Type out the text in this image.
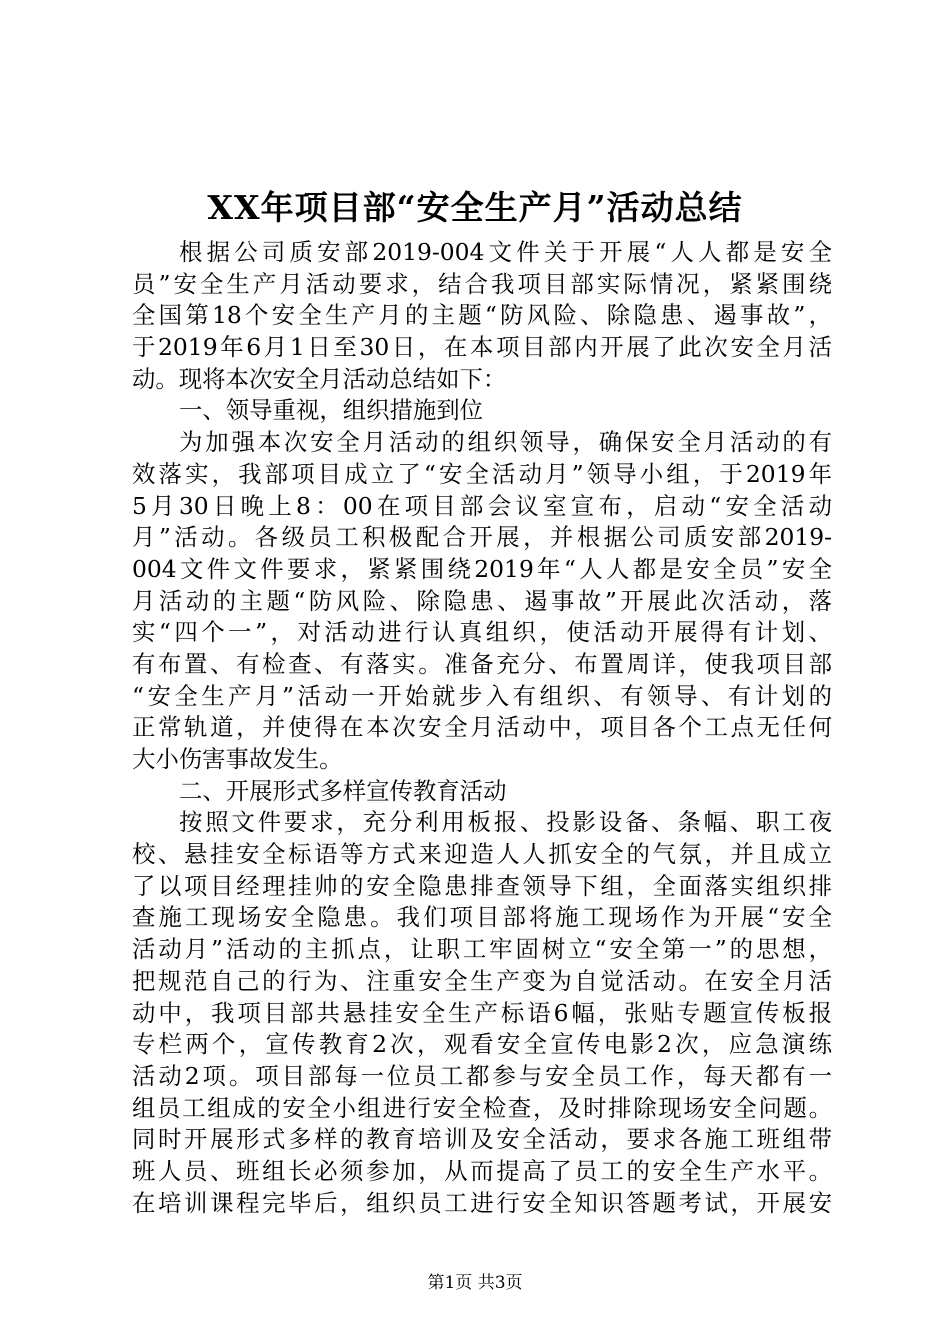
XX年项目部“安全生产月”活动总结
根据公司质安部2019-004文件关于开展“人人都是安全
员”安全生产月活动要求，结合我项目部实际情况，紧紧围绕
全国第18个安全生产月的主题“防风险、除隐患、遏事故”，
于2019年6月1日至30日，在本项目部内开展了此次安全月活
动。现将本次安全月活动总结如下：
一、领导重视，组织措施到位
为加强本次安全月活动的组织领导，确保安全月活动的有
效落实，我部项目成立了“安全活动月”领导小组，于2019年
5月30日晚上8：00在项目部会议室宣布，启动“安全活动
月”活动。各级员工积极配合开展，并根据公司质安部2019-
004文件文件要求，紧紧围绕2019年“人人都是安全员”安全
月活动的主题“防风险、除隐患、遏事故”开展此次活动，落
实“四个一”，对活动进行认真组织，使活动开展得有计划、
有布置、有检查、有落实。准备充分、布置周详，使我项目部
“安全生产月”活动一开始就步入有组织、有领导、有计划的
正常轨道，并使得在本次安全月活动中，项目各个工点无任何
大小伤害事故发生。
二、开展形式多样宣传教育活动
按照文件要求，充分利用板报、投影设备、条幅、职工夜
校、悬挂安全标语等方式来迎造人人抓安全的气氛，并且成立
了以项目经理挂帅的安全隐患排查领导下组，全面落实组织排
查施工现场安全隐患。我们项目部将施工现场作为开展“安全
活动月”活动的主抓点，让职工牢固树立“安全第一”的思想，
把规范自己的行为、注重安全生产变为自觉活动。在安全月活
动中，我项目部共悬挂安全生产标语6幅，张贴专题宣传板报
专栏两个，宣传教育2次，观看安全宣传电影2次，应急演练
活动2项。项目部每一位员工都参与安全员工作，每天都有一
组员工组成的安全小组进行安全检查，及时排除现场安全问题。
同时开展形式多样的教育培训及安全活动，要求各施工班组带
班人员、班组长必须参加，从而提高了员工的安全生产水平。
在培训课程完毕后，组织员工进行安全知识答题考试，开展安
第1页 共3页
